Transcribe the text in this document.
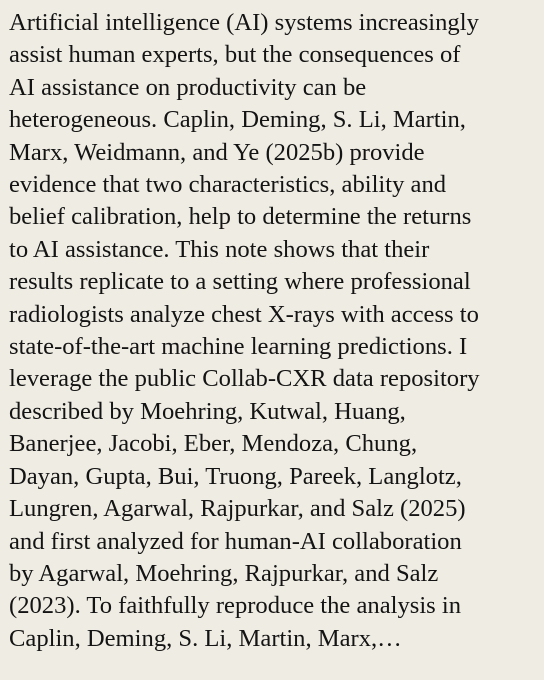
Artificial intelligence (AI) systems increasingly
assist human experts, but the consequences of
AI assistance on productivity can be
heterogeneous. Caplin, Deming, S. Li, Martin,
Marx, Weidmann, and Ye (2025b) provide
evidence that two characteristics, ability and
belief calibration, help to determine the returns
to AI assistance. This note shows that their
results replicate to a setting where professional
radiologists analyze chest X-rays with access to
state-of-the-art machine learning predictions. I
leverage the public Collab-CXR data repository
described by Moehring, Kutwal, Huang,
Banerjee, Jacobi, Eber, Mendoza, Chung,
Dayan, Gupta, Bui, Truong, Pareek, Langlotz,
Lungren, Agarwal, Rajpurkar, and Salz (2025)
and first analyzed for human-AI collaboration
by Agarwal, Moehring, Rajpurkar, and Salz
(2023). To faithfully reproduce the analysis in
Caplin, Deming, S. Li, Martin, Marx,…
